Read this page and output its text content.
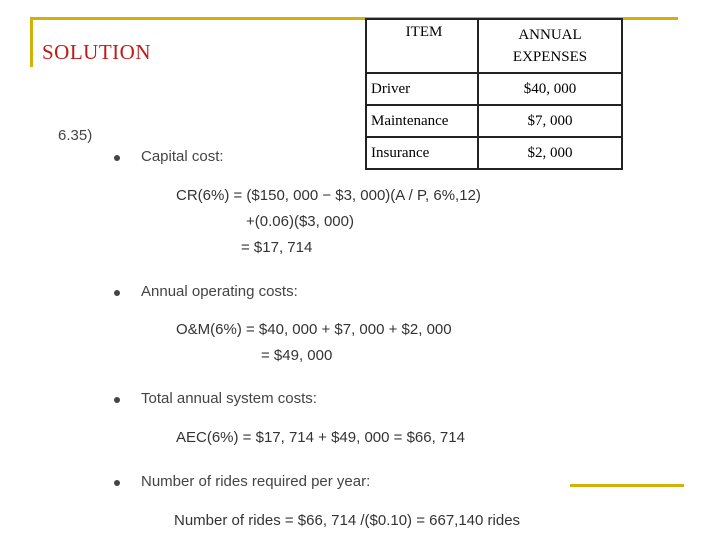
SOLUTION
ITEM	ANNUAL
EXPENSES
Driver	$40, 000
Maintenance	$7, 000
Insurance	$2, 000
6.35)
Capital cost:
CR(6%) = ($150, 000 − $3, 000)(A / P, 6%,12)
+(0.06)($3, 000)
= $17, 714
Annual operating costs:
O&M(6%) = $40, 000 + $7, 000 + $2, 000
= $49, 000
Total annual system costs:
AEC(6%) = $17, 714 + $49, 000 = $66, 714
Number of rides required per year:
Number of rides = $66, 714 /($0.10) = 667,140 rides
